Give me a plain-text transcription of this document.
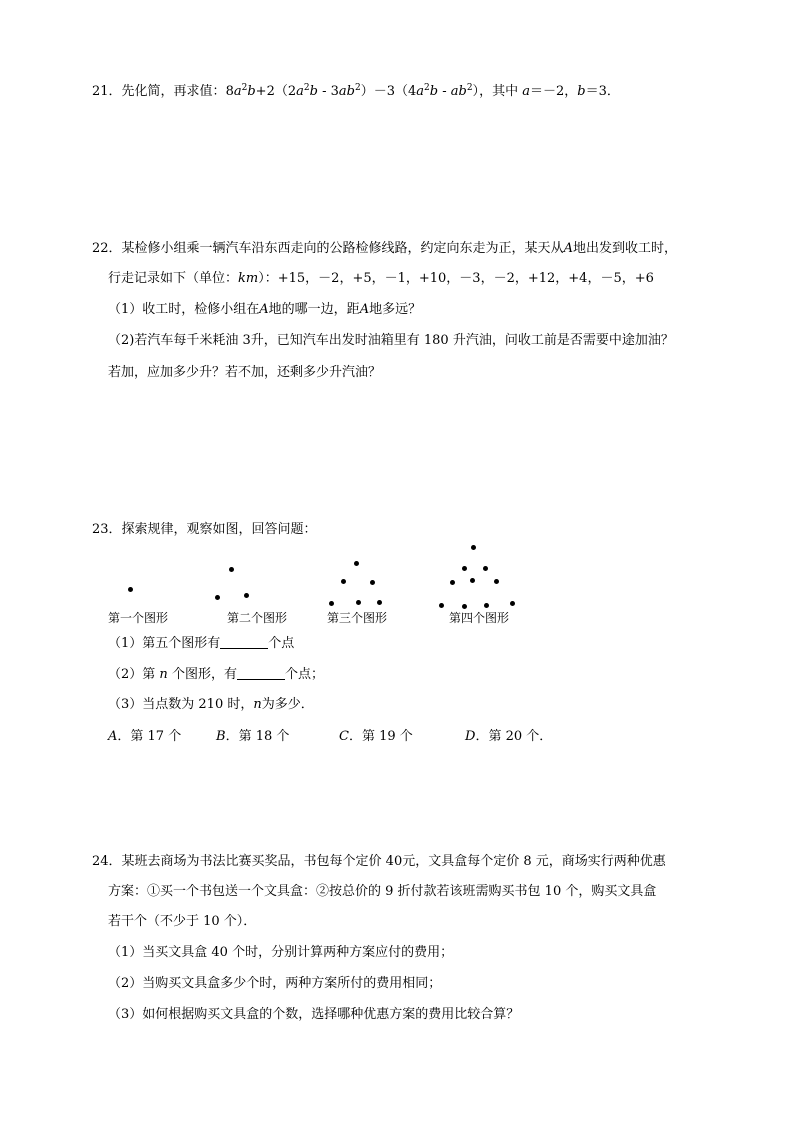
21．先化简，再求值：$8a^2b+2(2a^2b - 3ab^2)-3(4a^2b - ab^2)$，其中 a＝－2，b＝3．
22．某检修小组乘一辆汽车沿东西走向的公路检修线路，约定向东走为正，某天从A地出发到收工时，
行走记录如下（单位：km）：+15，－2，+5，－1，+10，－3，－2，+12，+4，－5，+6
（1）收工时，检修小组在A地的哪一边，距A地多远？
（2)若汽车每千米耗油 3升，已知汽车出发时油箱里有 180 升汽油，问收工前是否需要中途加油？
若加，应加多少升？若不加，还剩多少升汽油？
23．探索规律，观察如图，回答问题：
第一个图形	第二个图形	第三个图形	第四个图形
（1）第五个图形有	个点
（2）第 n 个图形，有	个点；
（3）当点数为 210 时，n为多少．
A．第 17 个	B．第 18 个	C．第 19 个	D．第 20 个．
24．某班去商场为书法比赛买奖品，书包每个定价 40元，文具盒每个定价 8 元，商场实行两种优惠
方案：①买一个书包送一个文具盒：②按总价的 9 折付款若该班需购买书包 10 个，购买文具盒
若干个（不少于 10 个）．
（1）当买文具盒 40 个时，分别计算两种方案应付的费用；
（2）当购买文具盒多少个时，两种方案所付的费用相同；
（3）如何根据购买文具盒的个数，选择哪种优惠方案的费用比较合算？
